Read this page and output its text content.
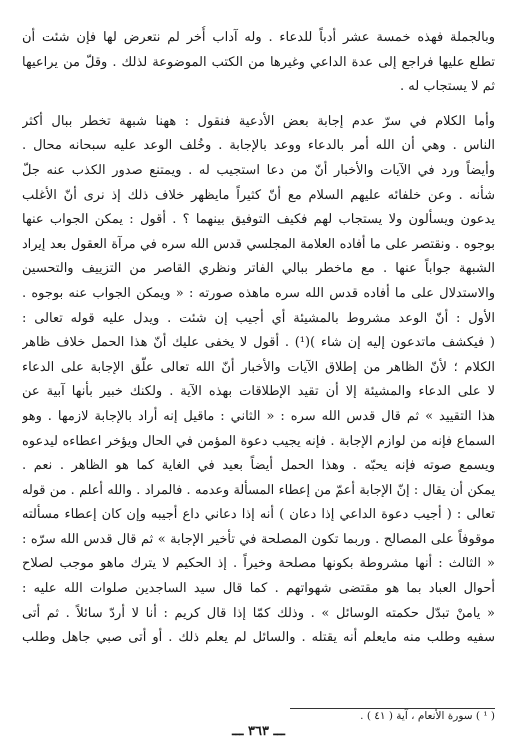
وبالجملة فهذه خمسة عشر أدباً للدعاء . وله آداب أُخر لم نتعرض لها فإن شئت أن
تطلع عليها فراجع إلى عدة الداعي وغيرها من الكتب الموضوعة لذلك . وقلّ من يراعيها
ثم لا يستجاب له .
وأما الكلام في سرّ عدم إجابة بعض الأدعية فنقول : ههنا شبهة تخطر ببال أكثر
الناس . وهي أن الله أمر بالدعاء ووعد بالإجابة . وخُلف الوعد عليه سبحانه محال .
وأيضاً ورد في الآيات والأخبار أنّ من دعا استجيب له . ويمتنع صدور الكذب عنه جلّ
شأنه . وعن خلفائه عليهم السلام مع أنّ كثيراً مايظهر خلاف ذلك إذ نرى أنّ الأغلب
يدعون ويسألون ولا يستجاب لهم فكيف التوفيق بينهما ؟ . أقول : يمكن الجواب عنها
بوجوه . ونقتصر على ما أفاده العلامة المجلسي قدس الله سره في مرآة العقول بعد إيراد
الشبهة جواباً عنها . مع ماخطر ببالي الفاتر ونظري القاصر من التزييف والتحسين
والاستدلال على ما أفاده قدس الله سره ماهذه صورته : « ويمكن الجواب عنه بوجوه .
الأول : أنّ الوعد مشروط بالمشيئة أي أجيب إن شئت . ويدل عليه قوله تعالى :
( فيكشف ماتدعون إليه إن شاء )(¹) . أقول لا يخفى عليك أنّ هذا الحمل خلاف ظاهر
الكلام ؛ لأنّ الظاهر من إطلاق الآيات والأخبار أنّ الله تعالى علّق الإجابة على الدعاء
لا على الدعاء والمشيئة إلا أن تقيد الإطلاقات بهذه الآية . ولكنك خبير بأنها آبية عن
هذا التقييد » ثم قال قدس الله سره : « الثاني : ماقيل إنه أراد بالإجابة لازمها . وهو
السماع فإنه من لوازم الإجابة . فإنه يجيب دعوة المؤمن في الحال ويؤخر اعطاءه ليدعوه
ويسمع صوته فإنه يحبّه . وهذا الحمل أيضاً بعيد في الغاية كما هو الظاهر . نعم .
يمكن أن يقال : إنّ الإجابة أعمّ من إعطاء المسألة وعدمه . فالمراد . والله أعلم . من قوله
تعالى : ( أجيب دعوة الداعي إذا دعان ) أنه إذا دعاني داع أجيبه وإن كان إعطاء مسألته
موقوفاً على المصالح . وربما تكون المصلحة في تأخير الإجابة » ثم قال قدس الله سرّه :
« الثالث : أنها مشروطة بكونها مصلحة وخيراً . إذ الحكيم لا يترك ماهو موجب لصلاح
أحوال العباد بما هو مقتضى شهواتهم . كما قال سيد الساجدين صلوات الله عليه :
« يامنْ تبدّل حكمته الوسائل » . وذلك كمّا إذا قال كريم : أنا لا أردّ سائلاً . ثم أتى
سفيه وطلب منه مايعلم أنه يقتله . والسائل لم يعلم ذلك . أو أتى صبي جاهل وطلب
( ¹ ) سورة الأنعام ، آية ( ٤١ ) .
ـــ ٣٦٣ ـــ
